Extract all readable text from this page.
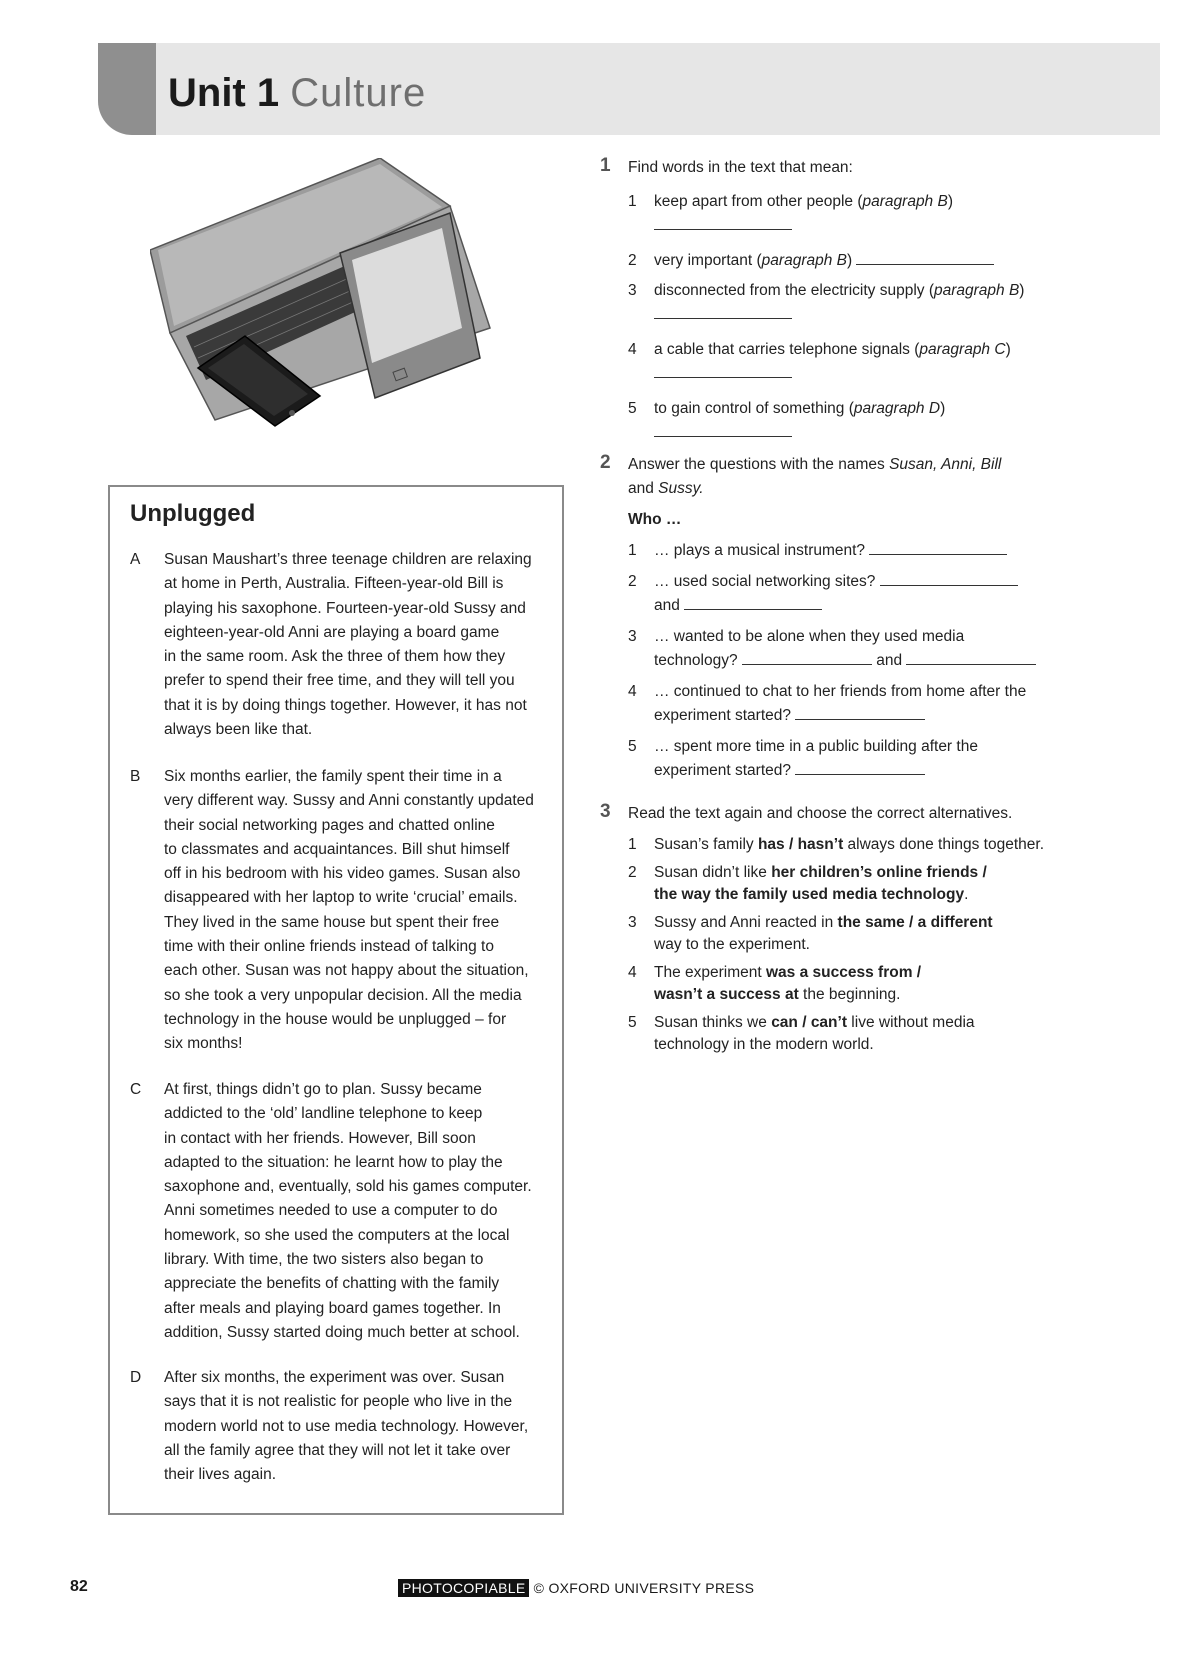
Unit 1 Culture
Unplugged
A	Susan Maushart’s three teenage children are relaxing
at home in Perth, Australia. Fifteen-year-old Bill is
playing his saxophone. Fourteen-year-old Sussy and
eighteen-year-old Anni are playing a board game
in the same room. Ask the three of them how they
prefer to spend their free time, and they will tell you
that it is by doing things together. However, it has not
always been like that.
B	Six months earlier, the family spent their time in a
very different way. Sussy and Anni constantly updated
their social networking pages and chatted online
to classmates and acquaintances. Bill shut himself
off in his bedroom with his video games. Susan also
disappeared with her laptop to write ‘crucial’ emails.
They lived in the same house but spent their free
time with their online friends instead of talking to
each other. Susan was not happy about the situation,
so she took a very unpopular decision. All the media
technology in the house would be unplugged – for
six months!
C	At first, things didn’t go to plan. Sussy became
addicted to the ‘old’ landline telephone to keep
in contact with her friends. However, Bill soon
adapted to the situation: he learnt how to play the
saxophone and, eventually, sold his games computer.
Anni sometimes needed to use a computer to do
homework, so she used the computers at the local
library. With time, the two sisters also began to
appreciate the benefits of chatting with the family
after meals and playing board games together. In
addition, Sussy started doing much better at school.
D	After six months, the experiment was over. Susan
says that it is not realistic for people who live in the
modern world not to use media technology. However,
all the family agree that they will not let it take over
their lives again.
1 Find words in the text that mean:
1 keep apart from other people (paragraph B)

2 very important (paragraph B)
3 disconnected from the electricity supply (paragraph B)

4 a cable that carries telephone signals (paragraph C)

5 to gain control of something (paragraph D)

2 Answer the questions with the names Susan, Anni, Bill
and Sussy.
Who …
1 … plays a musical instrument?
2 … used social networking sites?
and
3 … wanted to be alone when they used media
technology?	and
4 … continued to chat to her friends from home after the
experiment started?
5 … spent more time in a public building after the
experiment started?
3 Read the text again and choose the correct alternatives.
1 Susan’s family has / hasn’t always done things together.
2 Susan didn’t like her children’s online friends /
the way the family used media technology.
3 Sussy and Anni reacted in the same / a different
way to the experiment.
4 The experiment was a success from /
wasn’t a success at the beginning.
5 Susan thinks we can / can’t live without media
technology in the modern world.
82	PHOTOCOPIABLE © OXFORD UNIVERSITY PRESS
